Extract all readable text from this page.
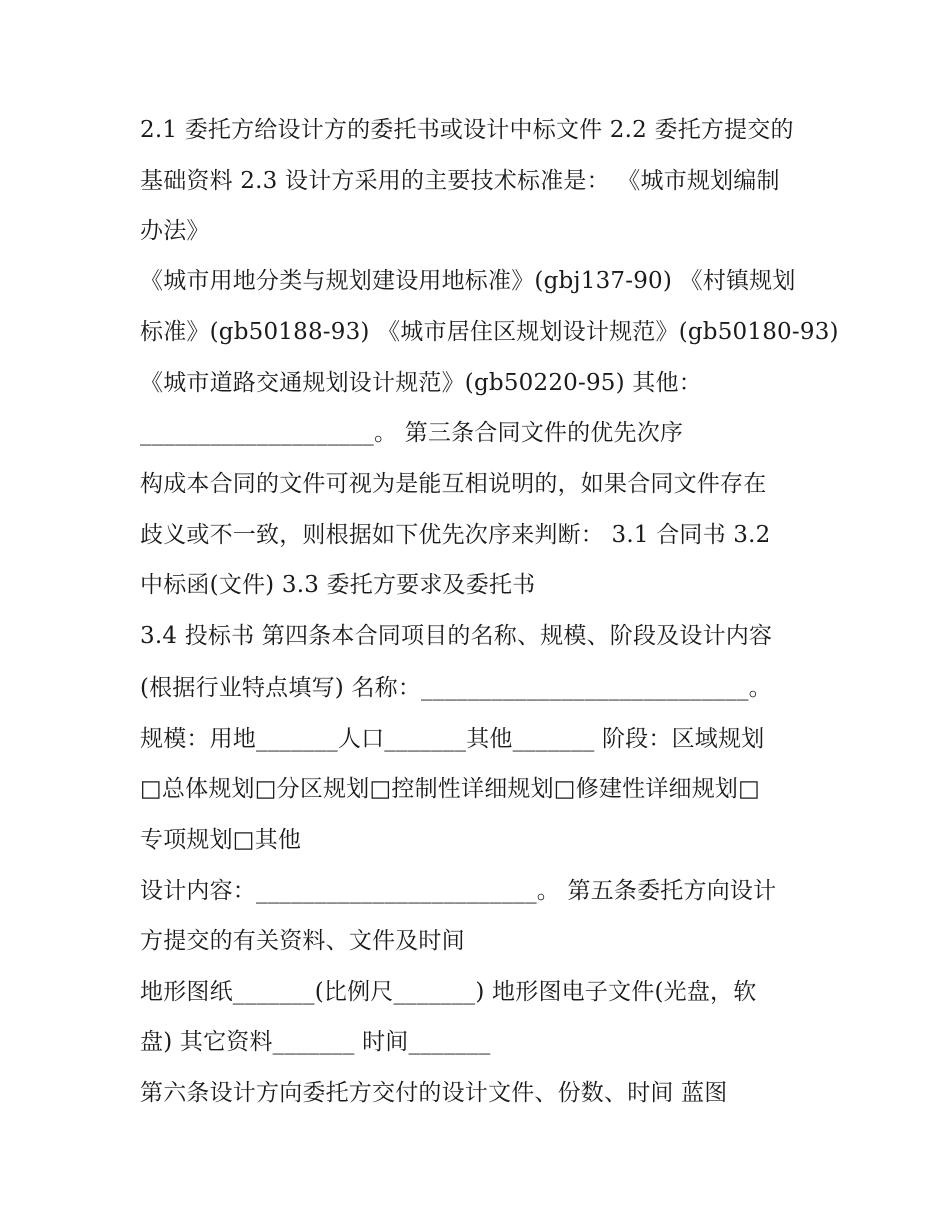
2.1 委托方给设计方的委托书或设计中标文件 2.2 委托方提交的
基础资料 2.3 设计方采用的主要技术标准是： 《城市规划编制
办法》
《城市用地分类与规划建设用地标准》(gbj137-90) 《村镇规划
标准》(gb50188-93) 《城市居住区规划设计规范》(gb50180-93)
《城市道路交通规划设计规范》(gb50220-95) 其他：
____________________。 第三条合同文件的优先次序
构成本合同的文件可视为是能互相说明的，如果合同文件存在
歧义或不一致，则根据如下优先次序来判断： 3.1 合同书 3.2
中标函(文件) 3.3 委托方要求及委托书
3.4 投标书 第四条本合同项目的名称、规模、阶段及设计内容
(根据行业特点填写) 名称：____________________________。
规模：用地_______人口_______其他_______ 阶段：区域规划
□总体规划□分区规划□控制性详细规划□修建性详细规划□
专项规划□其他
设计内容：________________________。 第五条委托方向设计
方提交的有关资料、文件及时间
地形图纸_______(比例尺_______) 地形图电子文件(光盘，软
盘) 其它资料_______ 时间_______
第六条设计方向委托方交付的设计文件、份数、时间 蓝图
